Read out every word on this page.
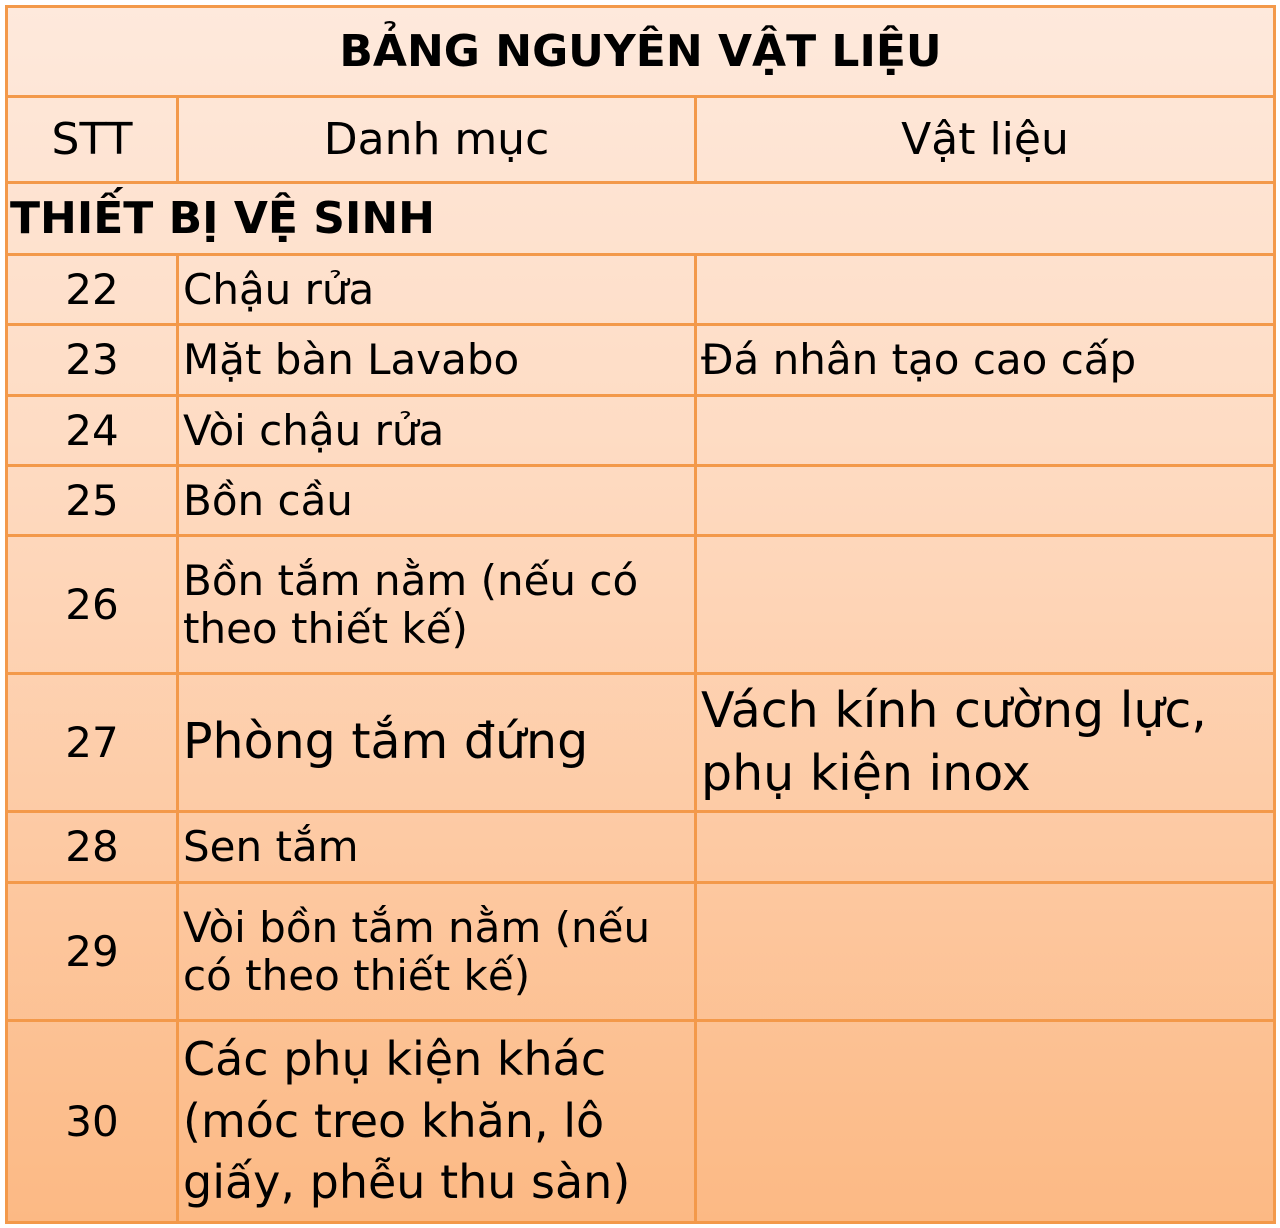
BẢNG NGUYÊN VẬT LIỆU		
STT	Danh mục	Vật liệu
THIẾT BỊ VỆ SINH		
22	Chậu rửa	
23	Mặt bàn Lavabo	Đá nhân tạo cao cấp
24	Vòi chậu rửa	
25	Bồn cầu	
26	Bồn tắm nằm (nếu có theo thiết kế)	
27	Phòng tắm đứng	Vách kính cường lực, phụ kiện inox
28	Sen tắm	
29	Vòi bồn tắm nằm (nếu có theo thiết kế)	
30	Các phụ kiện khác (móc treo khăn, lô giấy, phễu thu sàn)	
